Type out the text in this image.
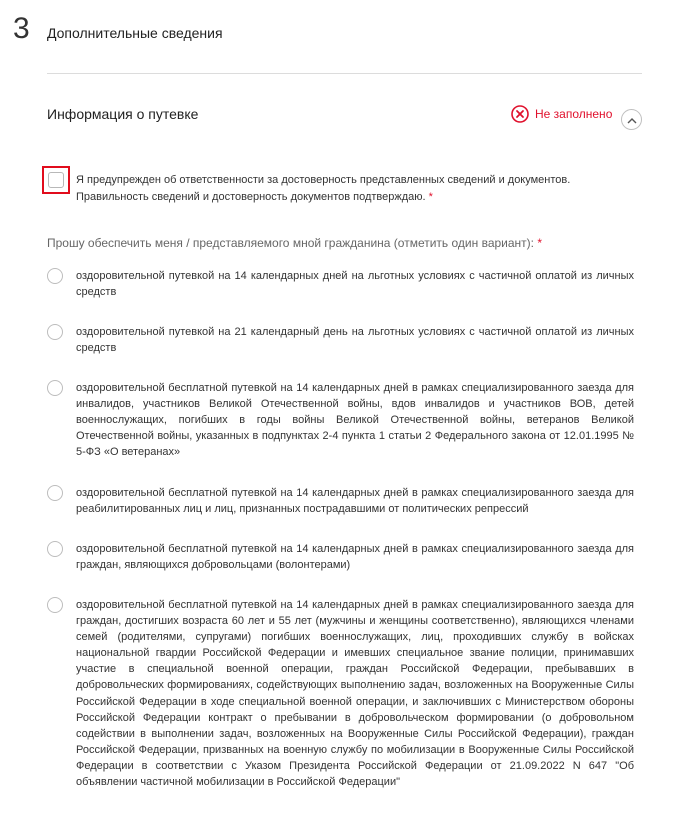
3 Дополнительные сведения
Информация о путевке	Не заполнено
Я предупрежден об ответственности за достоверность представленных сведений и документов. Правильность сведений и достоверность документов подтверждаю. *
Прошу обеспечить меня / представляемого мной гражданина (отметить один вариант): *
оздоровительной путевкой на 14 календарных дней на льготных условиях с частичной оплатой из личных средств
оздоровительной путевкой на 21 календарный день на льготных условиях с частичной оплатой из личных средств
оздоровительной бесплатной путевкой на 14 календарных дней в рамках специализированного заезда для инвалидов, участников Великой Отечественной войны, вдов инвалидов и участников ВОВ, детей военнослужащих, погибших в годы войны Великой Отечественной войны, ветеранов Великой Отечественной войны, указанных в подпунктах 2-4 пункта 1 статьи 2 Федерального закона от 12.01.1995 № 5-ФЗ «О ветеранах»
оздоровительной бесплатной путевкой на 14 календарных дней в рамках специализированного заезда для реабилитированных лиц и лиц, признанных пострадавшими от политических репрессий
оздоровительной бесплатной путевкой на 14 календарных дней в рамках специализированного заезда для граждан, являющихся добровольцами (волонтерами)
оздоровительной бесплатной путевкой на 14 календарных дней в рамках специализированного заезда для граждан, достигших возраста 60 лет и 55 лет (мужчины и женщины соответственно), являющихся членами семей (родителями, супругами) погибших военнослужащих, лиц, проходивших службу в войсках национальной гвардии Российской Федерации и имевших специальное звание полиции, принимавших участие в специальной военной операции, граждан Российской Федерации, пребывавших в добровольческих формированиях, содействующих выполнению задач, возложенных на Вооруженные Силы Российской Федерации в ходе специальной военной операции, и заключивших с Министерством обороны Российской Федерации контракт о пребывании в добровольческом формировании (о добровольном содействии в выполнении задач, возложенных на Вооруженные Силы Российской Федерации), граждан Российской Федерации, призванных на военную службу по мобилизации в Вооруженные Силы Российской Федерации в соответствии с Указом Президента Российской Федерации от 21.09.2022 N 647 "Об объявлении частичной мобилизации в Российской Федерации"
